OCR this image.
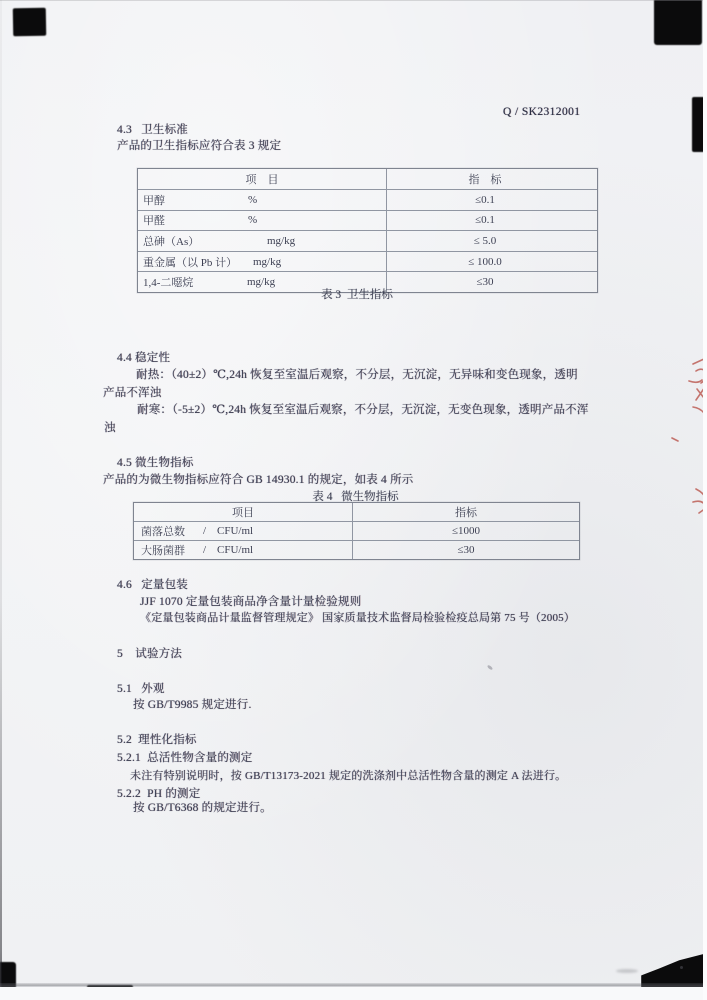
Q / SK2312001
4.3   卫生标准
产品的卫生指标应符合表 3 规定
项　目	指　标
甲醇	%	≤0.1
甲醛	%	≤0.1
总砷（As）	mg/kg	≤ 5.0
重金属（以 Pb 计）	mg/kg	≤ 100.0
1,4-二噁烷	mg/kg	≤30
表 3  卫生指标
4.4 稳定性
耐热：（40±2）℃,24h 恢复至室温后观察，不分层，无沉淀，无异味和变色现象，透明
产品不浑浊
耐寒：（-5±2）℃,24h 恢复至室温后观察，不分层，无沉淀，无变色现象，透明产品不浑
浊
4.5 微生物指标
产品的为微生物指标应符合 GB 14930.1 的规定，如表 4 所示
表 4   微生物指标
项目	指标
菌落总数	/ CFU/ml	≤1000
大肠菌群	/ CFU/ml	≤30
4.6   定量包装
JJF 1070 定量包装商品净含量计量检验规则
《定量包装商品计量监督管理规定》 国家质量技术监督局检验检疫总局第 75 号（2005）
5    试验方法
5.1   外观
按 GB/T9985 规定进行.
5.2  理性化指标
5.2.1  总活性物含量的测定
未注有特别说明时，按 GB/T13173-2021 规定的洗涤剂中总活性物含量的测定 A 法进行。
5.2.2  PH 的测定
按 GB/T6368 的规定进行。
